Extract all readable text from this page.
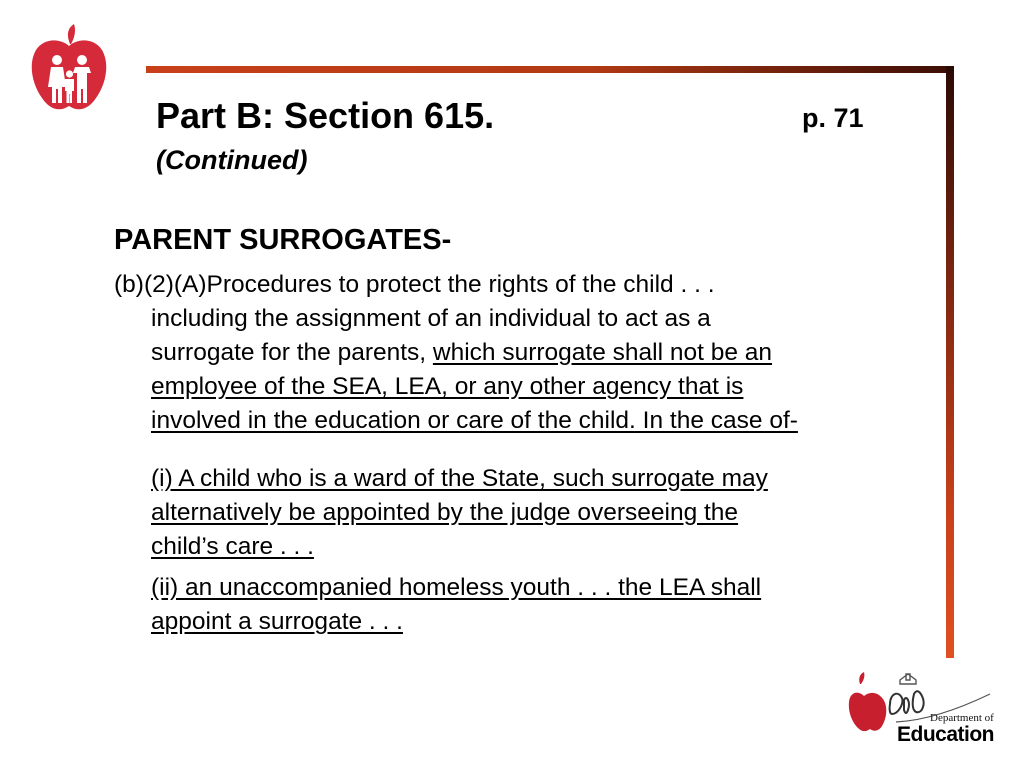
Part B: Section 615.	p. 71
(Continued)
PARENT SURROGATES-
(b)(2)(A)Procedures to protect the rights of the child . . .
including the assignment of an individual to act as a
surrogate for the parents, which surrogate shall not be an
employee of the SEA, LEA, or any other agency that is
involved in the education or care of the child. In the case of-
(i) A child who is a ward of the State, such surrogate may
alternatively be appointed by the judge overseeing the
child’s care . . .
(ii) an unaccompanied homeless youth . . . the LEA shall
appoint a surrogate . . .
Ohio	Department of
Education
